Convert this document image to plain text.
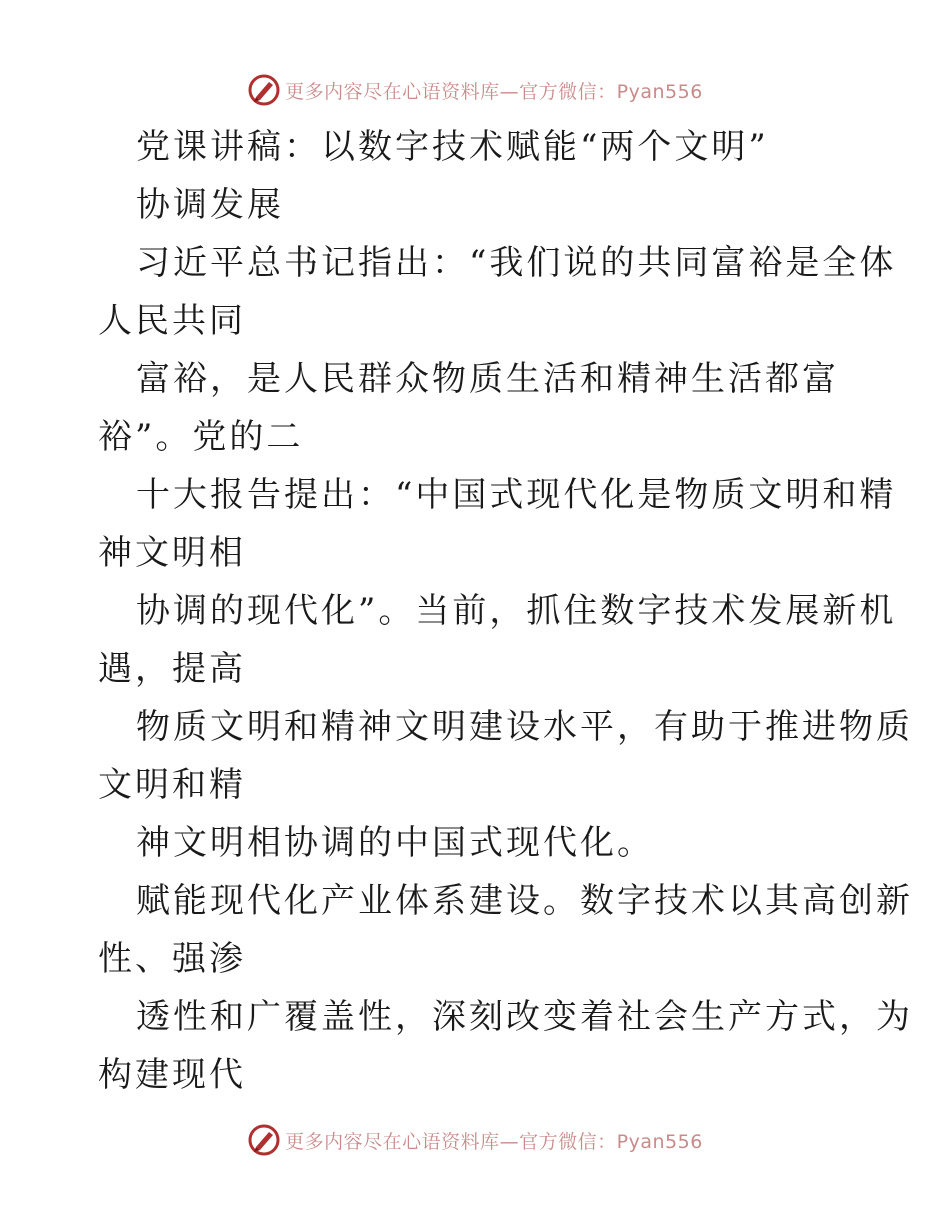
更多内容尽在心语资料库—官方微信：Pyan556
党课讲稿：以数字技术赋能“两个文明”
协调发展
习近平总书记指出：“我们说的共同富裕是全体
人民共同
富裕，是人民群众物质生活和精神生活都富
裕”。党的二
十大报告提出：“中国式现代化是物质文明和精
神文明相
协调的现代化”。当前，抓住数字技术发展新机
遇，提高
物质文明和精神文明建设水平，有助于推进物质
文明和精
神文明相协调的中国式现代化。
赋能现代化产业体系建设。数字技术以其高创新
性、强渗
透性和广覆盖性，深刻改变着社会生产方式，为
构建现代
更多内容尽在心语资料库—官方微信：Pyan556
